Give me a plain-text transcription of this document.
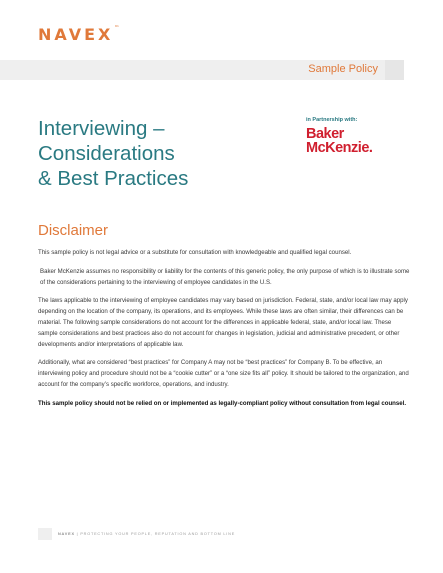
NAVEX™
Sample Policy
Interviewing –
Considerations
& Best Practices
in Partnership with:
Baker
McKenzie.
Disclaimer

This sample policy is not legal advice or a substitute for consultation with knowledgeable and qualified legal counsel.

Baker McKenzie assumes no responsibility or liability for the contents of this generic policy, the only purpose of which is to illustrate some of the considerations pertaining to the interviewing of employee candidates in the U.S.

The laws applicable to the interviewing of employee candidates may vary based on jurisdiction. Federal, state, and/or local law may apply depending on the location of the company, its operations, and its employees. While these laws are often similar, their differences can be material. The following sample considerations do not account for the differences in applicable federal, state, and/or local law. These sample considerations and best practices also do not account for changes in legislation, judicial and administrative precedent, or other developments and/or interpretations of applicable law.

Additionally, what are considered “best practices” for Company A may not be “best practices” for Company B. To be effective, an interviewing policy and procedure should not be a “cookie cutter” or a “one size fits all” policy. It should be tailored to the organization, and account for the company’s specific workforce, operations, and industry.

This sample policy should not be relied on or implemented as legally-compliant policy without consultation from legal counsel.

NAVEX | PROTECTING YOUR PEOPLE, REPUTATION AND BOTTOM LINE
